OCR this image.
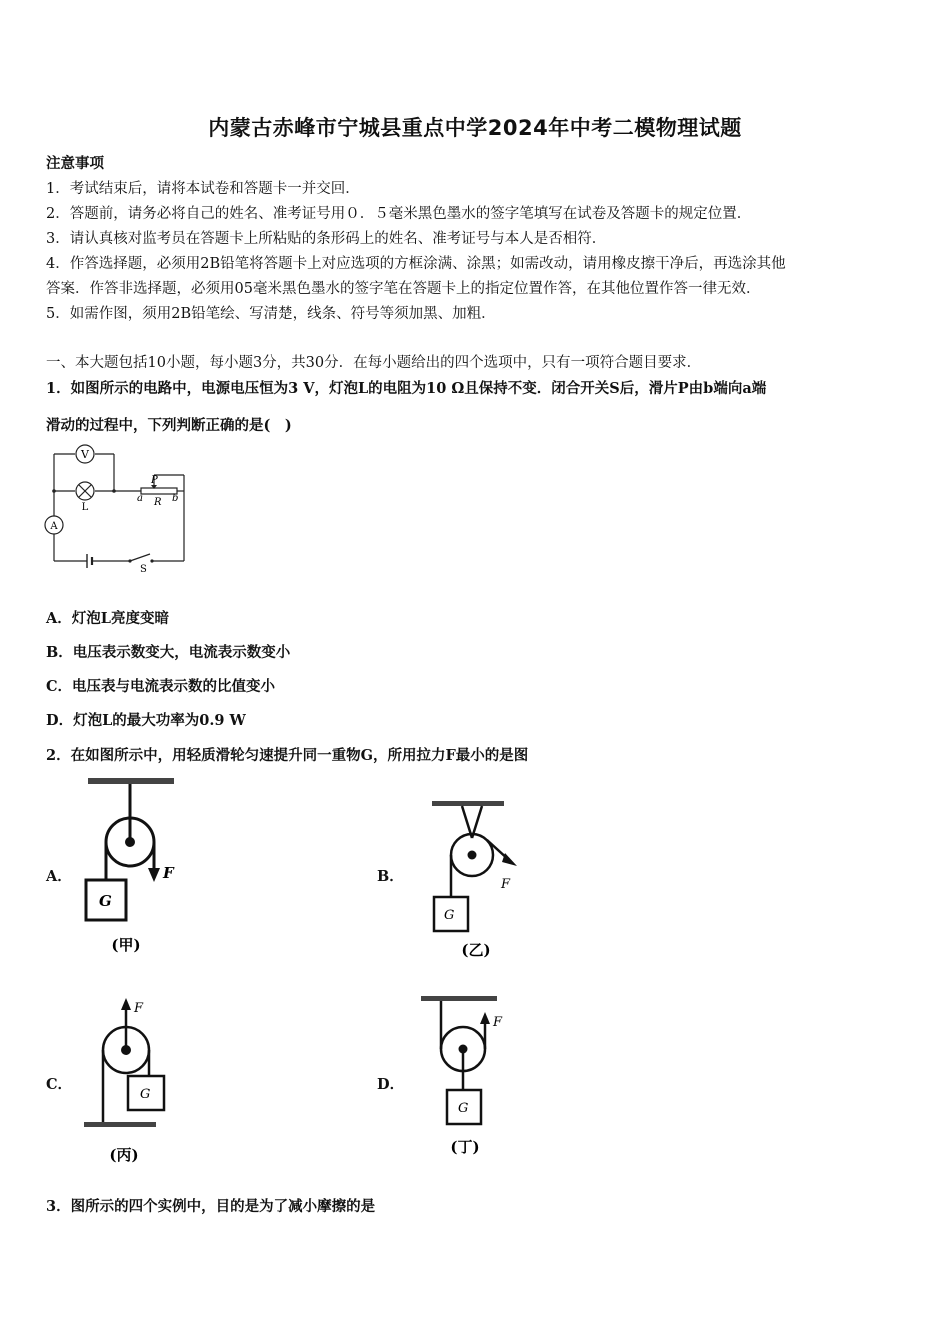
内蒙古赤峰市宁城县重点中学2024年中考二模物理试题
注意事项
1．考试结束后，请将本试卷和答题卡一并交回．
2．答题前，请务必将自己的姓名、准考证号用０．５毫米黑色墨水的签字笔填写在试卷及答题卡的规定位置．
3．请认真核对监考员在答题卡上所粘贴的条形码上的姓名、准考证号与本人是否相符．
4．作答选择题，必须用2B铅笔将答题卡上对应选项的方框涂满、涂黑；如需改动，请用橡皮擦干净后，再选涂其他
答案．作答非选择题，必须用05毫米黑色墨水的签字笔在答题卡上的指定位置作答，在其他位置作答一律无效．
5．如需作图，须用2B铅笔绘、写清楚，线条、符号等须加黑、加粗．
一、本大题包括10小题，每小题3分，共30分．在每小题给出的四个选项中，只有一项符合题目要求．
1．如图所示的电路中，电源电压恒为3 V，灯泡L的电阻为10 Ω且保持不变．闭合开关S后，滑片P由b端向a端
滑动的过程中，下列判断正确的是(　)
V
A
L
P
a R b
S
A．灯泡L亮度变暗
B．电压表示数变大，电流表示数变小
C．电压表与电流表示数的比值变小
D．灯泡L的最大功率为0.9 W
2．在如图所示中，用轻质滑轮匀速提升同一重物G，所用拉力F最小的是图
A．	F
G
(甲)
B．	F
G
(乙)
C．
F
G
(丙)
D．
F
G
(丁)
3．图所示的四个实例中，目的是为了减小摩擦的是
